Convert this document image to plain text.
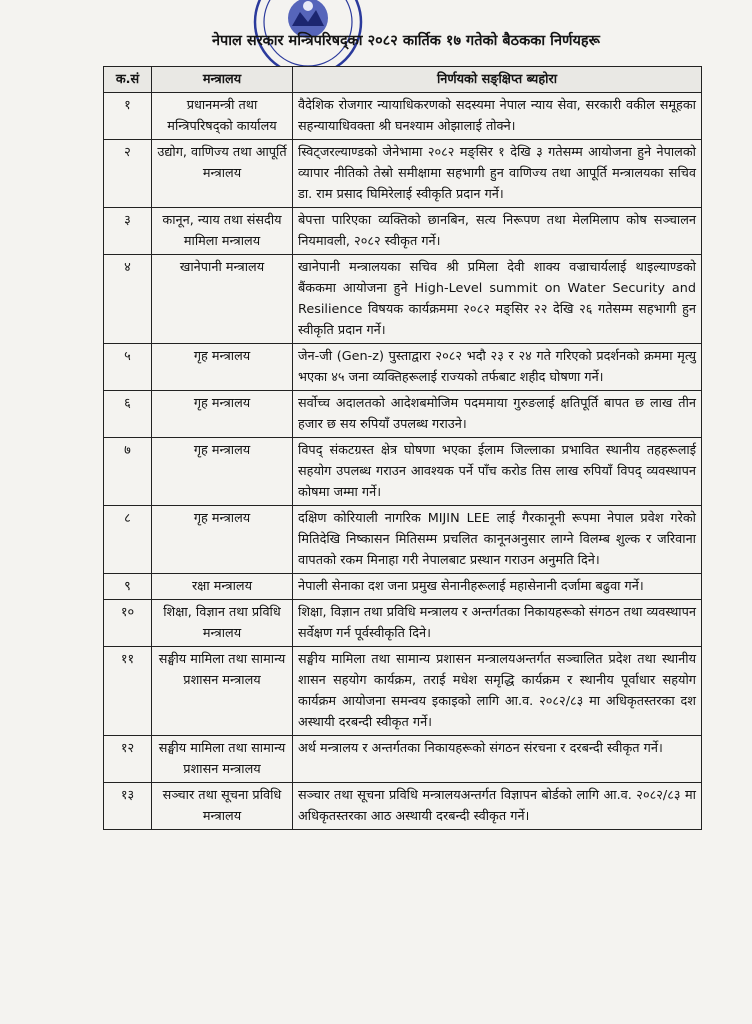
नेपाल सरकार मन्त्रिपरिषद्का २०८२ कार्तिक १७ गतेको बैठकका निर्णयहरू
क.सं	मन्त्रालय	निर्णयको सङ्क्षिप्त ब्यहोरा
१	प्रधानमन्त्री तथा मन्त्रिपरिषद्को कार्यालय	वैदेशिक रोजगार न्यायाधिकरणको सदस्यमा नेपाल न्याय सेवा, सरकारी वकील समूहका सहन्यायाधिवक्ता श्री घनश्याम ओझालाई तोक्ने।
२	उद्योग, वाणिज्य तथा आपूर्ति मन्त्रालय	स्विट्जरल्याण्डको जेनेभामा २०८२ मङ्सिर १ देखि ३ गतेसम्म आयोजना हुने नेपालको व्यापार नीतिको तेस्रो समीक्षामा सहभागी हुन वाणिज्य तथा आपूर्ति मन्त्रालयका सचिव डा. राम प्रसाद घिमिरेलाई स्वीकृति प्रदान गर्ने।
३	कानून, न्याय तथा संसदीय मामिला मन्त्रालय	बेपत्ता पारिएका व्यक्तिको छानबिन, सत्य निरूपण तथा मेलमिलाप कोष सञ्चालन नियमावली, २०८२ स्वीकृत गर्ने।
४	खानेपानी मन्त्रालय	खानेपानी मन्त्रालयका सचिव श्री प्रमिला देवी शाक्य वज्राचार्यलाई थाइल्याण्डको बैंककमा आयोजना हुने High-Level summit on Water Security and Resilience विषयक कार्यक्रममा २०८२ मङ्सिर २२ देखि २६ गतेसम्म सहभागी हुन स्वीकृति प्रदान गर्ने।
५	गृह मन्त्रालय	जेन-जी (Gen-z) पुस्ताद्वारा २०८२ भदौ २३ र २४ गते गरिएको प्रदर्शनको क्रममा मृत्यु भएका ४५ जना व्यक्तिहरूलाई राज्यको तर्फबाट शहीद घोषणा गर्ने।
६	गृह मन्त्रालय	सर्वोच्च अदालतको आदेशबमोजिम पदममाया गुरुङलाई क्षतिपूर्ति बापत छ लाख तीन हजार छ सय रुपियाँ उपलब्ध गराउने।
७	गृह मन्त्रालय	विपद् संकटग्रस्त क्षेत्र घोषणा भएका ईलाम जिल्लाका प्रभावित स्थानीय तहहरूलाई सहयोग उपलब्ध गराउन आवश्यक पर्ने पाँच करोड तिस लाख रुपियाँ विपद् व्यवस्थापन कोषमा जम्मा गर्ने।
८	गृह मन्त्रालय	दक्षिण कोरियाली नागरिक MIJIN LEE लाई गैरकानूनी रूपमा नेपाल प्रवेश गरेको मितिदेखि निष्कासन मितिसम्म प्रचलित कानूनअनुसार लाग्ने विलम्ब शुल्क र जरिवाना वापतको रकम मिनाहा गरी नेपालबाट प्रस्थान गराउन अनुमति दिने।
९	रक्षा मन्त्रालय	नेपाली सेनाका दश जना प्रमुख सेनानीहरूलाई महासेनानी दर्जामा बढुवा गर्ने।
१०	शिक्षा, विज्ञान तथा प्रविधि मन्त्रालय	शिक्षा, विज्ञान तथा प्रविधि मन्त्रालय र अन्तर्गतका निकायहरूको संगठन तथा व्यवस्थापन सर्वेक्षण गर्न पूर्वस्वीकृति दिने।
११	सङ्घीय मामिला तथा सामान्य प्रशासन मन्त्रालय	सङ्घीय मामिला तथा सामान्य प्रशासन मन्त्रालयअन्तर्गत सञ्चालित प्रदेश तथा स्थानीय शासन सहयोग कार्यक्रम, तराई मधेश समृद्धि कार्यक्रम र स्थानीय पूर्वाधार सहयोग कार्यक्रम आयोजना समन्वय इकाइको लागि आ.व. २०८२/८३ मा अधिकृतस्तरका दश अस्थायी दरबन्दी स्वीकृत गर्ने।
१२	सङ्घीय मामिला तथा सामान्य प्रशासन मन्त्रालय	अर्थ मन्त्रालय र अन्तर्गतका निकायहरूको संगठन संरचना र दरबन्दी स्वीकृत गर्ने।
१३	सञ्चार तथा सूचना प्रविधि मन्त्रालय	सञ्चार तथा सूचना प्रविधि मन्त्रालयअन्तर्गत विज्ञापन बोर्डको लागि आ.व. २०८२/८३ मा अधिकृतस्तरका आठ अस्थायी दरबन्दी स्वीकृत गर्ने।
